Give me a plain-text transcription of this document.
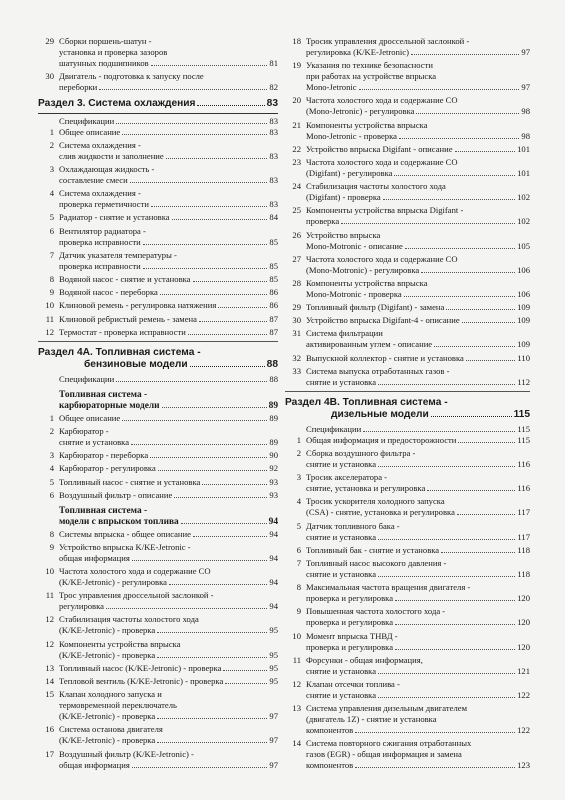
29 Сборки поршень-шатун -
установка и проверка зазоров
шатунных подшипников	81
30 Двигатель - подготовка к запуску после
переборки	82
Раздел 3. Система охлаждения	83
Спецификации	83
1 Общее описание	83
2 Система охлаждения -
слив жидкости и заполнение	83
3 Охлаждающая жидкость -
составление смеси	83
4 Система охлаждения -
проверка герметичности	83
5 Радиатор - снятие и установка	84
6 Вентилятор радиатора -
проверка исправности	85
7 Датчик указателя температуры -
проверка исправности	85
8 Водяной насос - снятие и установка	85
9 Водяной насос - переборка	86
10 Клиновой ремень - регулировка натяжения	86
11 Клиновой ребристый ремень - замена	87
12 Термостат - проверка исправности	87
Раздел 4А. Топливная система -
бензиновые модели	88
Спецификации	88
Топливная система -
карбюраторные модели	89
1 Общее описание	89
2 Карбюратор -
снятие и установка	89
3 Карбюратор - переборка	90
4 Карбюратор - регулировка	92
5 Топливный насос - снятие и установка	93
6 Воздушный фильтр - описание	93
Топливная система -
модели с впрыском топлива	94
8 Системы впрыска - общее описание	94
9 Устройство впрыска K/KE-Jetronic -
общая информация	94
10 Частота холостого хода и содержание СО
(K/KE-Jetronic) - регулировка	94
11 Трос управления дроссельной заслонкой -
регулировка	94
12 Стабилизация частоты холостого хода
(K/KE-Jetronic) - проверка	95
12 Компоненты устройства впрыска
(K/KE-Jetronic) - проверка	95
13 Топливный насос (K/KE-Jetronic) - проверка	95
14 Тепловой вентиль (K/KE-Jetronic) - проверка	95
15 Клапан холодного запуска и
термовременной переключатель
(K/KE-Jetronic) - проверка	97
16 Система останова двигателя
(K/KE-Jetronic) - проверка	97
17 Воздушный фильтр (K/KE-Jetronic) -
общая информация	97
18 Тросик управления дроссельной заслонкой -
регулировка (K/KE-Jetronic)	97
19 Указания по технике безопасности
при работах на устройстве впрыска
Mono-Jetronic	97
20 Частота холостого хода и содержание СО
(Mono-Jetronic) - регулировка	98
21 Компоненты устройства впрыска
Mono-Jetronic - проверка	98
22 Устройство впрыска Digifant - описание	101
23 Частота холостого хода и содержание СО
(Digifant) - регулировка	101
24 Стабилизация частоты холостого хода
(Digifant) - проверка	102
25 Компоненты устройства впрыска Digifant -
проверка	102
26 Устройство впрыска
Mono-Motronic - описание	105
27 Частота холостого хода и содержание СО
(Mono-Motronic) - регулировка	106
28 Компоненты устройства впрыска
Mono-Motronic - проверка	106
29 Топливный фильтр (Digifant) - замена	109
30 Устройство впрыска Digifant-4 - описание	109
31 Система фильтрации
активированным углем - описание	109
32 Выпускной коллектор - снятие и установка	110
33 Система выпуска отработанных газов -
снятие и установка	112
Раздел 4В. Топливная система -
дизельные модели	115
Спецификации	115
1 Общая информация и предосторожности	115
2 Сборка воздушного фильтра -
снятие и установка	116
3 Тросик акселератора -
снятие, установка и регулировка	116
4 Тросик ускорителя холодного запуска
(CSA) - снятие, установка и регулировка	117
5 Датчик топливного бака -
снятие и установка	117
6 Топливный бак - снятие и установка	118
7 Топливный насос высокого давления -
снятие и установка	118
8 Максимальная частота вращения двигателя -
проверка и регулировка	120
9 Повышенная частота холостого хода -
проверка и регулировка	120
10 Момент впрыска ТНВД -
проверка и регулировка	120
11 Форсунки - общая информация,
снятие и установка	121
12 Клапан отсечки топлива -
снятие и установка	122
13 Система управления дизельным двигателем
(двигатель 1Z) - снятие и установка
компонентов	122
14 Система повторного сжигания отработанных
газов (EGR) - общая информация и замена
компонентов	123
